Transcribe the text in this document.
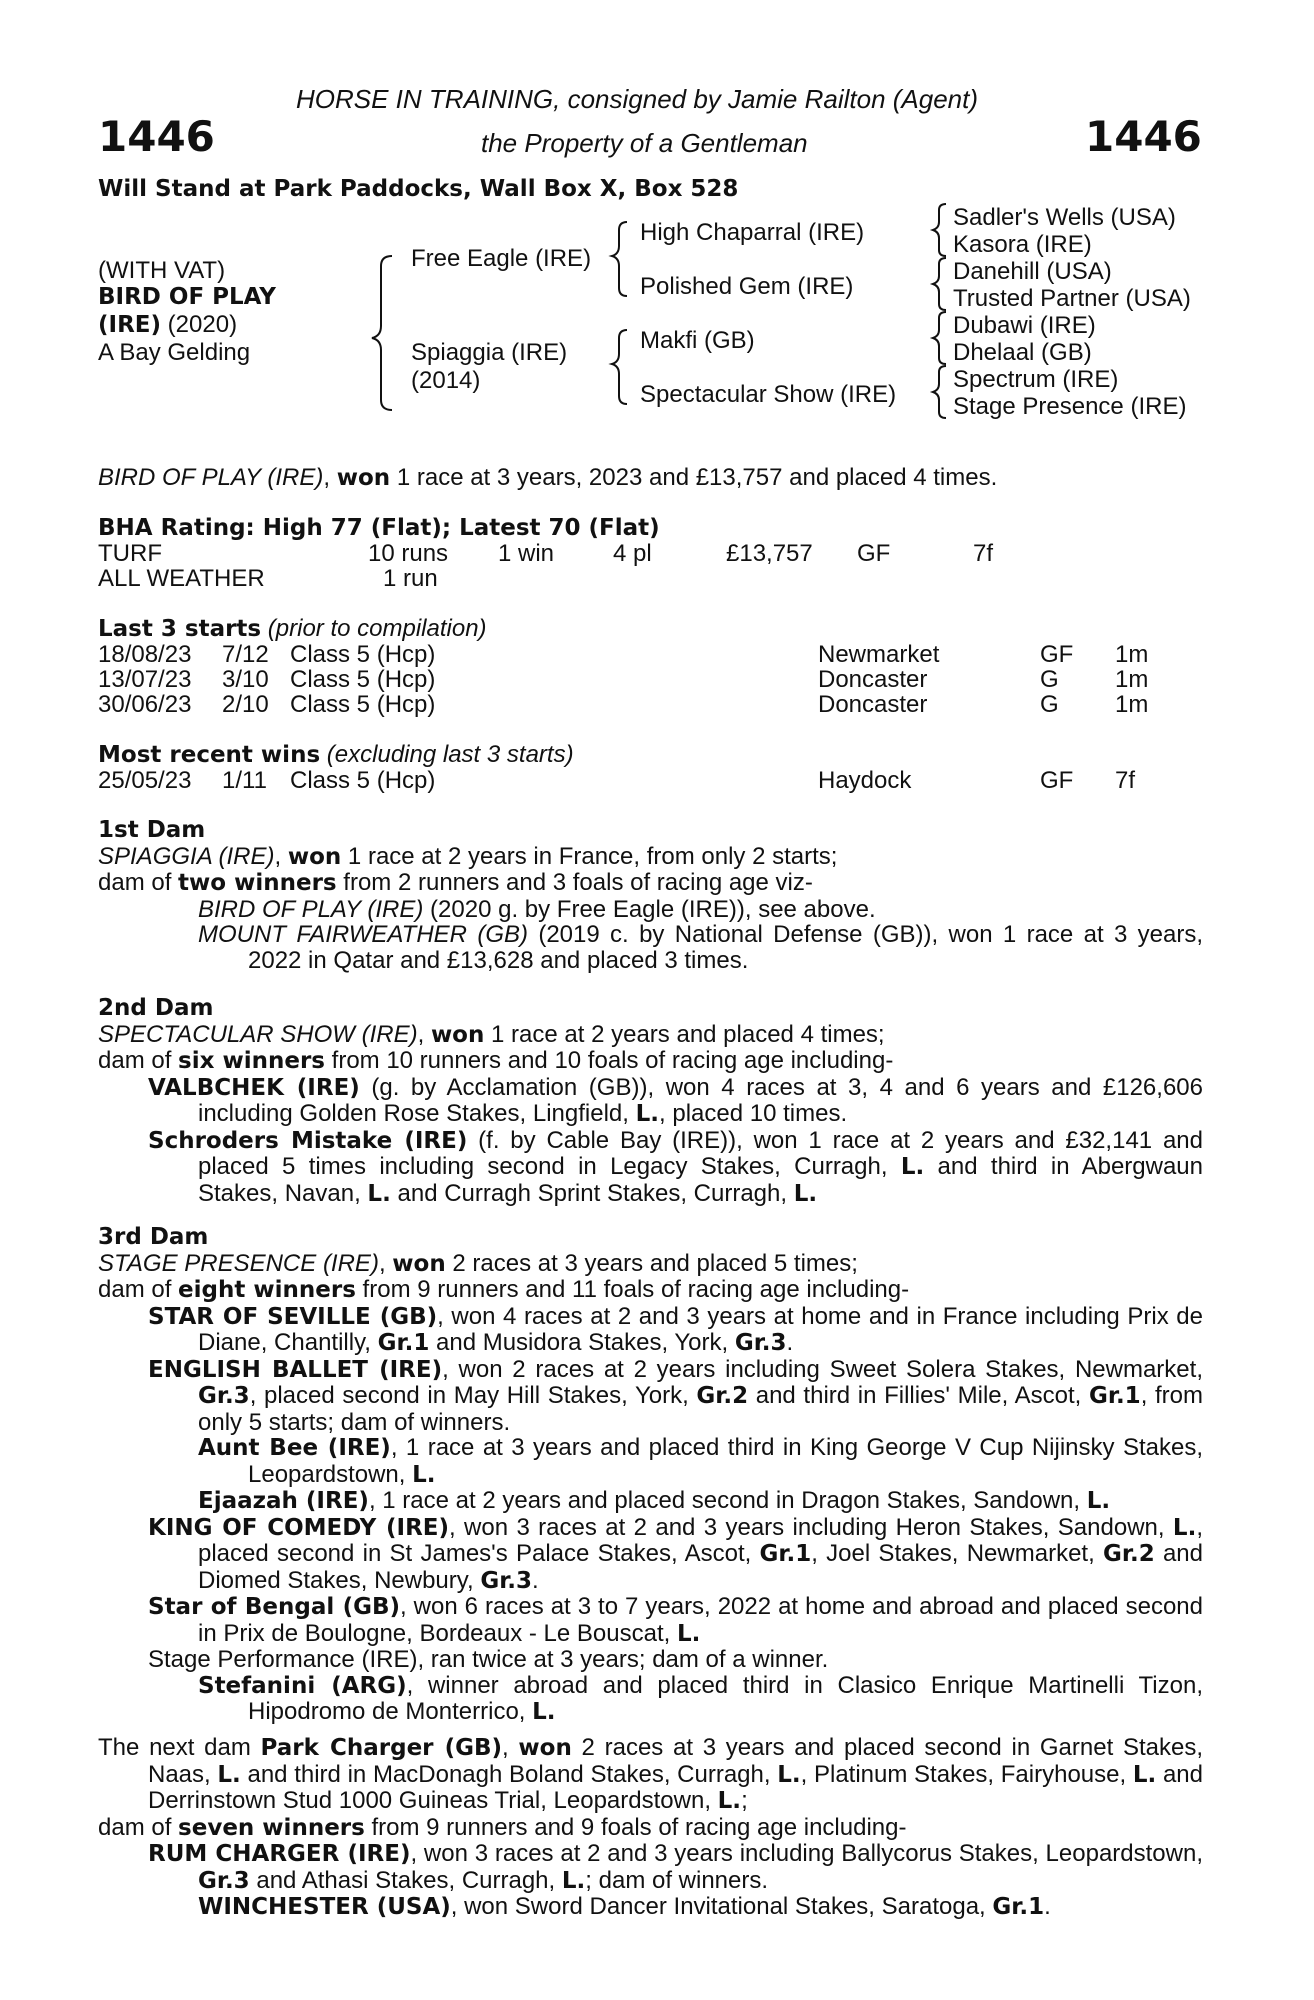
1446	1446
HORSE IN TRAINING, consigned by Jamie Railton (Agent)
the Property of a Gentleman
Will Stand at Park Paddocks, Wall Box X, Box 528
(WITH VAT)
BIRD OF PLAY
(IRE) (2020)
A Bay Gelding
Free Eagle (IRE)
Spiaggia (IRE)
(2014)
High Chaparral (IRE)
Polished Gem (IRE)
Makfi (GB)
Spectacular Show (IRE)
Sadler's Wells (USA)
Kasora (IRE)
Danehill (USA)
Trusted Partner (USA)
Dubawi (IRE)
Dhelaal (GB)
Spectrum (IRE)
Stage Presence (IRE)
BIRD OF PLAY (IRE), won 1 race at 3 years, 2023 and £13,757 and placed 4 times.
BHA Rating: High 77 (Flat); Latest 70 (Flat)
TURF	10 runs 1 win 4 pl	£13,757 GF	7f
ALL WEATHER	1 run
Last 3 starts (prior to compilation)
18/08/23 7/12 Class 5 (Hcp)	Newmarket	GF 1m
13/07/23 3/10 Class 5 (Hcp)	Doncaster	G 1m
30/06/23 2/10 Class 5 (Hcp)	Doncaster	G 1m
Most recent wins (excluding last 3 starts)
25/05/23 1/11 Class 5 (Hcp)	Haydock	GF 7f

1st Dam

SPIAGGIA (IRE), won 1 race at 2 years in France, from only 2 starts;

dam of two winners from 2 runners and 3 foals of racing age viz-

BIRD OF PLAY (IRE) (2020 g. by Free Eagle (IRE)), see above.

MOUNT FAIRWEATHER (GB) (2019 c. by National Defense (GB)), won 1 race at 3 years, 2022 in Qatar and £13,628 and placed 3 times.

2nd Dam

SPECTACULAR SHOW (IRE), won 1 race at 2 years and placed 4 times;

dam of six winners from 10 runners and 10 foals of racing age including-

VALBCHEK (IRE) (g. by Acclamation (GB)), won 4 races at 3, 4 and 6 years and £126,606 including Golden Rose Stakes, Lingfield, L., placed 10 times.

Schroders Mistake (IRE) (f. by Cable Bay (IRE)), won 1 race at 2 years and £32,141 and placed 5 times including second in Legacy Stakes, Curragh, L. and third in Abergwaun Stakes, Navan, L. and Curragh Sprint Stakes, Curragh, L.

3rd Dam

STAGE PRESENCE (IRE), won 2 races at 3 years and placed 5 times;

dam of eight winners from 9 runners and 11 foals of racing age including-

STAR OF SEVILLE (GB), won 4 races at 2 and 3 years at home and in France including Prix de Diane, Chantilly, Gr.1 and Musidora Stakes, York, Gr.3.

ENGLISH BALLET (IRE), won 2 races at 2 years including Sweet Solera Stakes, Newmarket, Gr.3, placed second in May Hill Stakes, York, Gr.2 and third in Fillies' Mile, Ascot, Gr.1, from only 5 starts; dam of winners.

Aunt Bee (IRE), 1 race at 3 years and placed third in King George V Cup Nijinsky Stakes, Leopardstown, L.

Ejaazah (IRE), 1 race at 2 years and placed second in Dragon Stakes, Sandown, L.

KING OF COMEDY (IRE), won 3 races at 2 and 3 years including Heron Stakes, Sandown, L., placed second in St James's Palace Stakes, Ascot, Gr.1, Joel Stakes, Newmarket, Gr.2 and Diomed Stakes, Newbury, Gr.3.

Star of Bengal (GB), won 6 races at 3 to 7 years, 2022 at home and abroad and placed second in Prix de Boulogne, Bordeaux - Le Bouscat, L.

Stage Performance (IRE), ran twice at 3 years; dam of a winner.

Stefanini (ARG), winner abroad and placed third in Clasico Enrique Martinelli Tizon, Hipodromo de Monterrico, L.

The next dam Park Charger (GB), won 2 races at 3 years and placed second in Garnet Stakes, Naas, L. and third in MacDonagh Boland Stakes, Curragh, L., Platinum Stakes, Fairyhouse, L. and Derrinstown Stud 1000 Guineas Trial, Leopardstown, L.;

dam of seven winners from 9 runners and 9 foals of racing age including-

RUM CHARGER (IRE), won 3 races at 2 and 3 years including Ballycorus Stakes, Leopardstown, Gr.3 and Athasi Stakes, Curragh, L.; dam of winners.

WINCHESTER (USA), won Sword Dancer Invitational Stakes, Saratoga, Gr.1.
